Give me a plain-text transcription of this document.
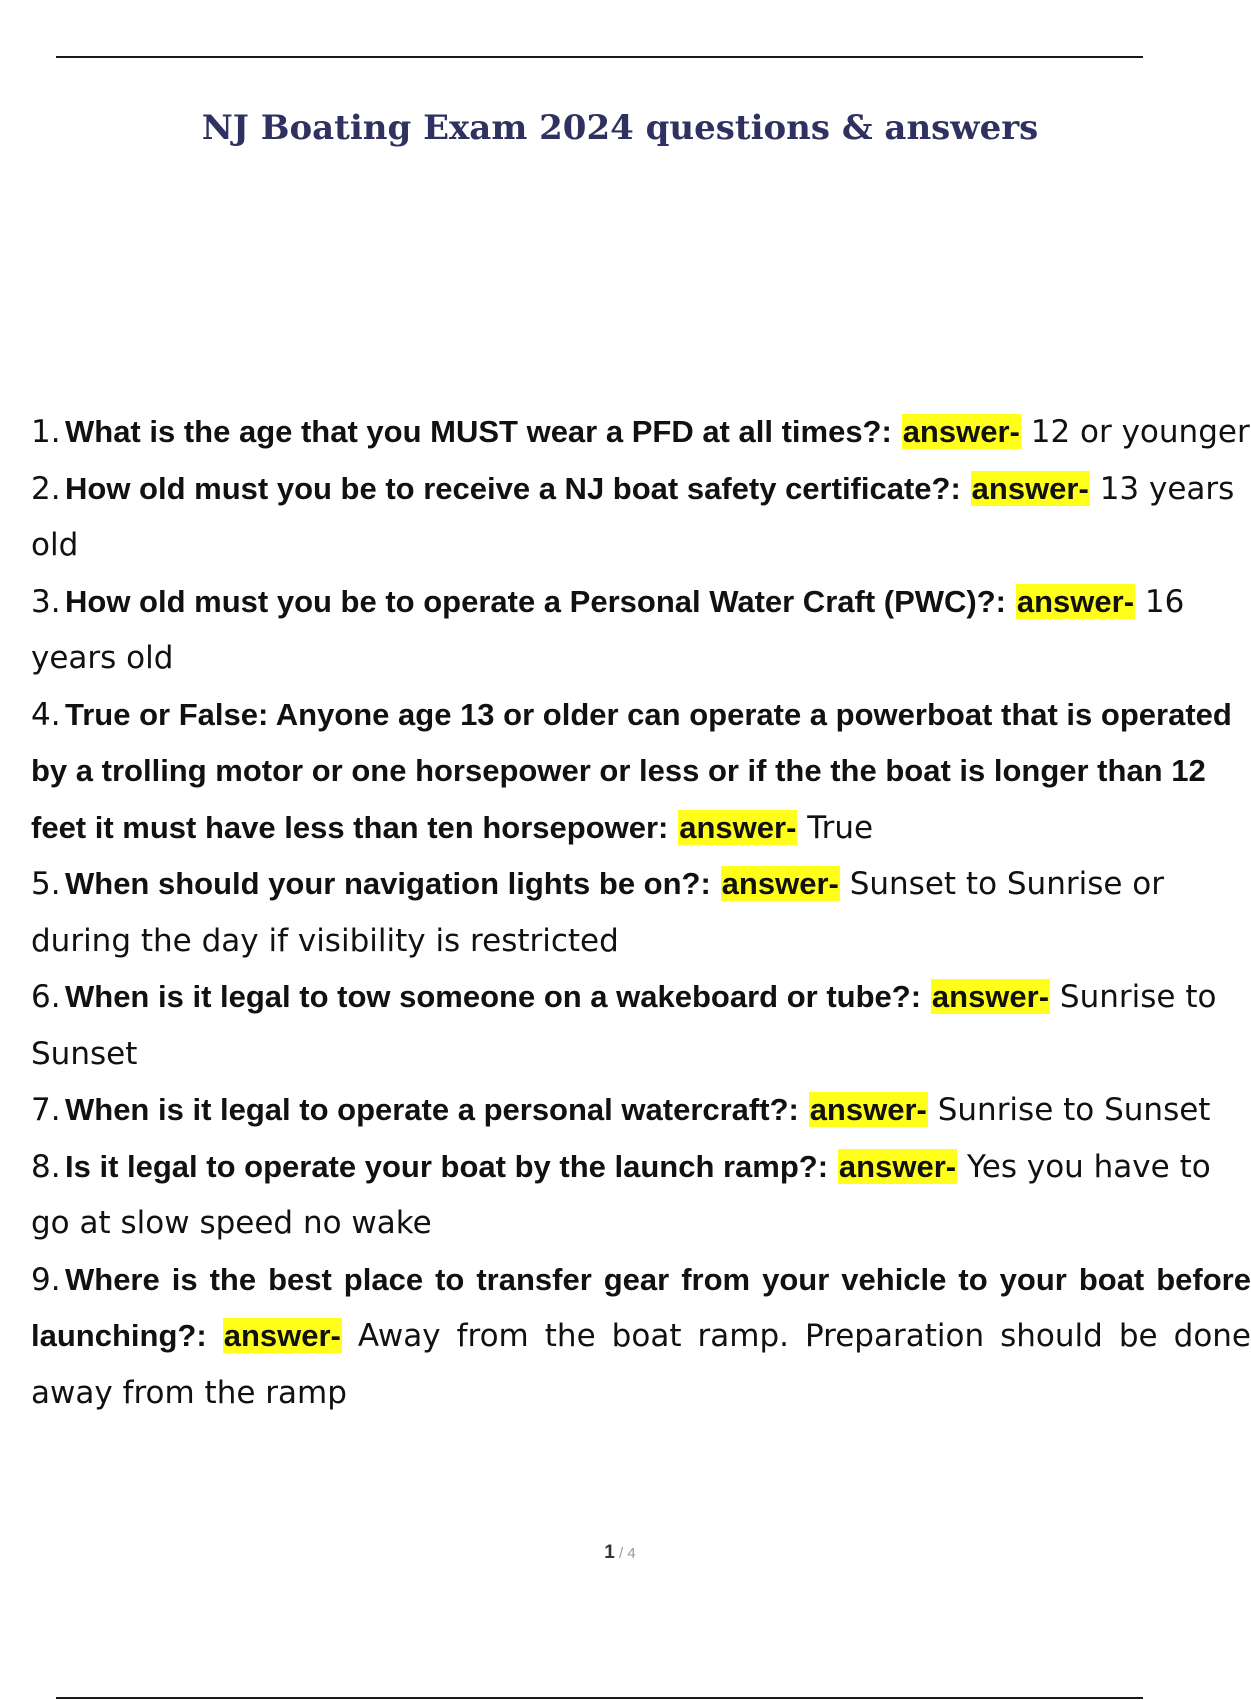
NJ Boating Exam 2024 questions & answers
1. What is the age that you MUST wear a PFD at all times?: answer- 12 or younger
2. How old must you be to receive a NJ boat safety certificate?: answer- 13 years old
3. How old must you be to operate a Personal Water Craft (PWC)?: answer- 16 years old
4. True or False: Anyone age 13 or older can operate a powerboat that is operated by a trolling motor or one horsepower or less or if the the boat is longer than 12 feet it must have less than ten horsepower: answer- True
5. When should your navigation lights be on?: answer- Sunset to Sunrise or during the day if visibility is restricted
6. When is it legal to tow someone on a wakeboard or tube?: answer- Sunrise to Sunset
7. When is it legal to operate a personal watercraft?: answer- Sunrise to Sunset
8. Is it legal to operate your boat by the launch ramp?: answer- Yes you have to go at slow speed no wake
9. Where is the best place to transfer gear from your vehicle to your boat before launching?: answer- Away from the boat ramp. Preparation should be done away from the ramp
1 / 4
